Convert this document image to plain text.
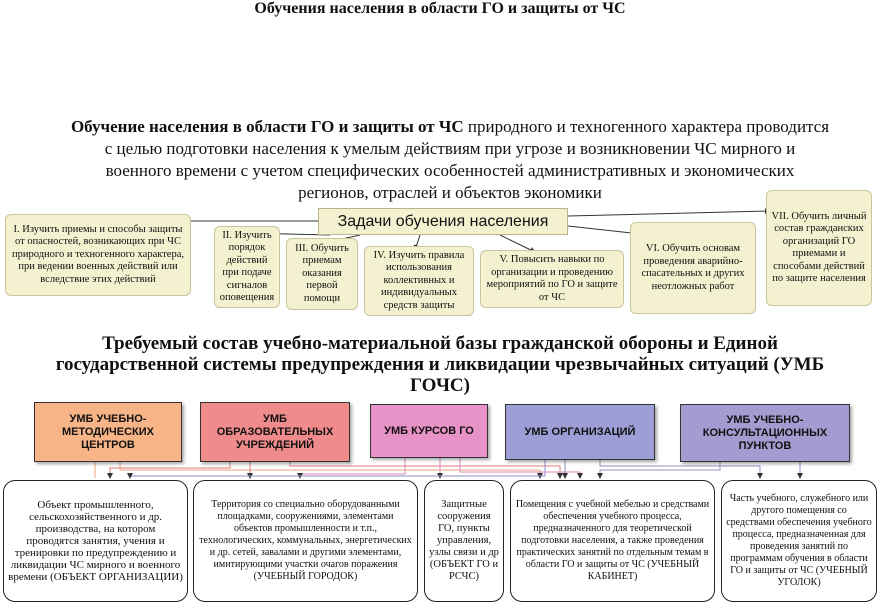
Обучения населения в области ГО и защиты от ЧС
Обучение населения в области ГО и защиты от ЧС природного и техногенного характера проводится с целью подготовки населения к умелым действиям при угрозе и возникновении ЧС мирного и военного времени с учетом специфических особенностей административных и экономических регионов, отраслей и объектов экономики
Задачи обучения населения
I. Изучить приемы и способы защиты от опасностей, возникающих при ЧС природного и техногенного характера, при ведении военных действий или вследствие этих действий
II. Изучить порядок действий при подаче сигналов оповещения
III. Обучить приемам оказания первой помощи
IV. Изучить правила использования коллективных и индивидуальных средств защиты
V. Повысить навыки по организации и проведению мероприятий по ГО и защите от ЧС
VI. Обучить основам проведения аварийно-спасательных и других неотложных работ
VII. Обучить личный состав гражданских организаций ГО приемами и способами действий по защите населения
Требуемый состав учебно-материальной базы гражданской обороны и Единой государственной системы предупреждения и ликвидации чрезвычайных ситуаций (УМБ ГОЧС)
УМБ УЧЕБНО-МЕТОДИЧЕСКИХ ЦЕНТРОВ
УМБ ОБРАЗОВАТЕЛЬНЫХ УЧРЕЖДЕНИЙ
УМБ КУРСОВ ГО	УМБ ОРГАНИЗАЦИЙ
УМБ УЧЕБНО-КОНСУЛЬТАЦИОННЫХ ПУНКТОВ
Объект промышленного, сельскохозяйственного и др. производства, на котором проводятся занятия, учения и тренировки по предупреждению и ликвидации ЧС мирного и военного времени (ОБЪЕКТ ОРГАНИЗАЦИИ)
Территория со специально оборудованными площадками, сооружениями, элементами объектов промышленности и т.п., технологических, коммунальных, энергетических и др. сетей, завалами и другими элементами, имитирующими участки очагов поражения (УЧЕБНЫЙ ГОРОДОК)
Защитные сооружения ГО, пункты управления, узлы связи и др (ОБЪЕКТ ГО и РСЧС)
Помещения с учебной мебелью и средствами обеспечения учебного процесса, предназначенного для теоретической подготовки населения, а также проведения практических занятий по отдельным темам в области ГО и защиты от ЧС (УЧЕБНЫЙ КАБИНЕТ)
Часть учебного, служебного или другого помещения со средствами обеспечения учебного процесса, предназначенная для проведения занятий по программам обучения в области ГО и защиты от ЧС (УЧЕБНЫЙ УГОЛОК)
